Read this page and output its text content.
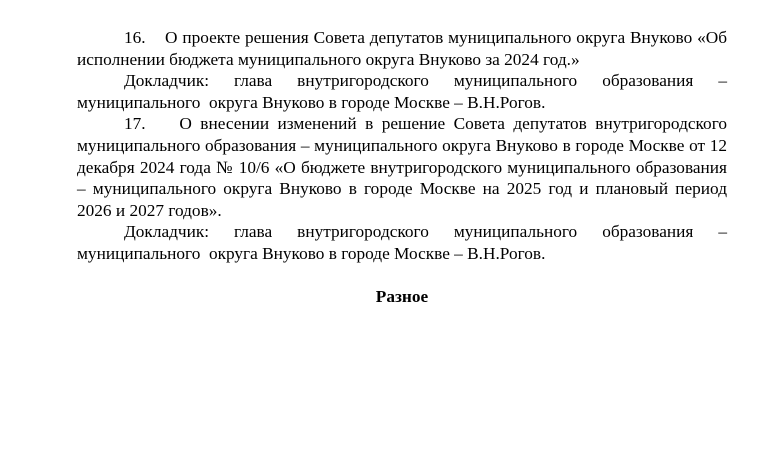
16.    О проекте решения Совета депутатов муниципального округа Внуково «Об исполнении бюджета муниципального округа Внуково за 2024 год.»

Докладчик: глава внутригородского муниципального образования – муниципального  округа Внуково в городе Москве – В.Н.Рогов.

17.    О внесении изменений в решение Совета депутатов внутригородского муниципального образования – муниципального округа Внуково в городе Москве от 12 декабря 2024 года № 10/6 «О бюджете внутригородского муниципального образования – муниципального округа Внуково в городе Москве на 2025 год и плановый период 2026 и 2027 годов».

Докладчик: глава внутригородского муниципального образования – муниципального  округа Внуково в городе Москве – В.Н.Рогов.

Разное
